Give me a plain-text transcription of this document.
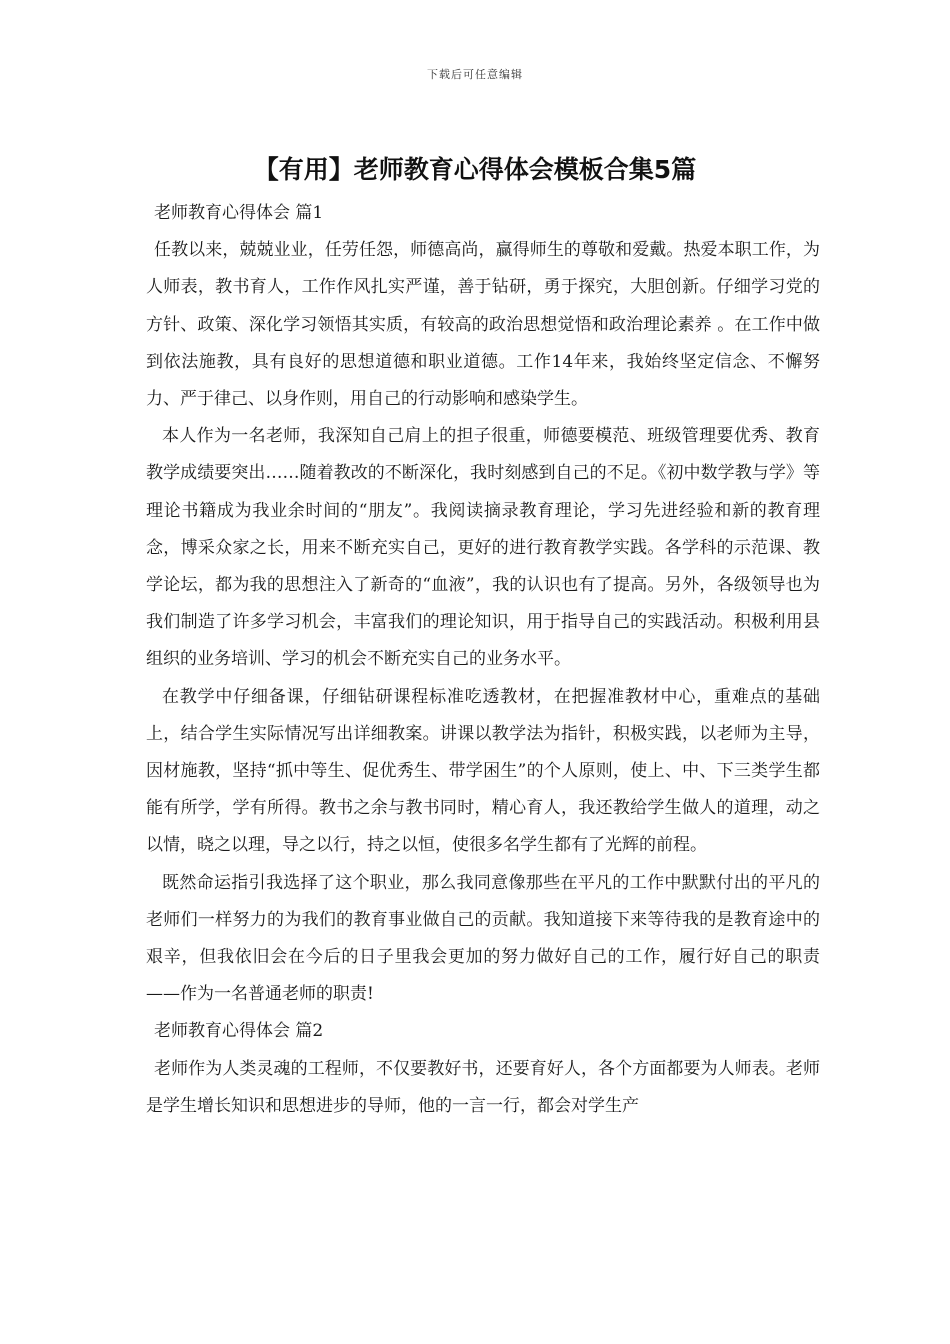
下载后可任意编辑
【有用】老师教育心得体会模板合集5篇
老师教育心得体会 篇1

任教以来，兢兢业业，任劳任怨，师德高尚，赢得师生的尊敬和爱戴。热爱本职工作，为人师表，教书育人，工作作风扎实严谨，善于钻研，勇于探究，大胆创新。仔细学习党的方针、政策、深化学习领悟其实质，有较高的政治思想觉悟和政治理论素养 。在工作中做到依法施教，具有良好的思想道德和职业道德。工作14年来，我始终坚定信念、不懈努力、严于律己、以身作则，用自己的行动影响和感染学生。

本人作为一名老师，我深知自己肩上的担子很重，师德要模范、班级管理要优秀、教育教学成绩要突出……随着教改的不断深化，我时刻感到自己的不足。《初中数学教与学》等理论书籍成为我业余时间的“朋友”。我阅读摘录教育理论，学习先进经验和新的教育理念，博采众家之长，用来不断充实自己，更好的进行教育教学实践。各学科的示范课、教学论坛，都为我的思想注入了新奇的“血液”，我的认识也有了提高。另外，各级领导也为我们制造了许多学习机会，丰富我们的理论知识，用于指导自己的实践活动。积极利用县组织的业务培训、学习的机会不断充实自己的业务水平。

在教学中仔细备课，仔细钻研课程标准吃透教材，在把握准教材中心，重难点的基础上，结合学生实际情况写出详细教案。讲课以教学法为指针，积极实践，以老师为主导，因材施教，坚持“抓中等生、促优秀生、带学困生”的个人原则，使上、中、下三类学生都能有所学，学有所得。教书之余与教书同时，精心育人，我还教给学生做人的道理，动之以情，晓之以理，导之以行，持之以恒，使很多名学生都有了光辉的前程。

既然命运指引我选择了这个职业，那么我同意像那些在平凡的工作中默默付出的平凡的老师们一样努力的为我们的教育事业做自己的贡献。我知道接下来等待我的是教育途中的艰辛，但我依旧会在今后的日子里我会更加的努力做好自己的工作，履行好自己的职责——作为一名普通老师的职责!

老师教育心得体会 篇2

老师作为人类灵魂的工程师，不仅要教好书，还要育好人，各个方面都要为人师表。老师是学生增长知识和思想进步的导师，他的一言一行，都会对学生产
